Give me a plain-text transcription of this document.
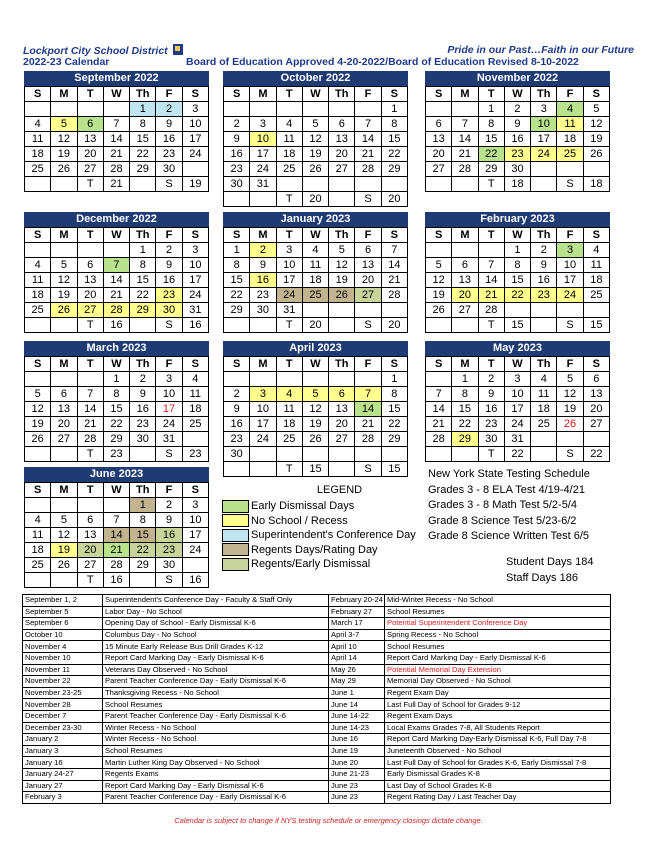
Lockport City School District	Pride in our Past…Faith in our Future
2022-23 Calendar	Board of Education Approved 4-20-2022/Board of Education Revised 8-10-2022
September 2022
S	M	T	W	Th	F	S
				1	2	3
4	5	6	7	8	9	10
11	12	13	14	15	16	17
18	19	20	21	22	23	24
25	26	27	28	29	30	
		T	21		S	19
October 2022
S	M	T	W	Th	F	S
						1
2	3	4	5	6	7	8
9	10	11	12	13	14	15
16	17	18	19	20	21	22
23	24	25	26	27	28	29
30	31					
		T	20		S	20
November 2022
S	M	T	W	Th	F	S
		1	2	3	4	5
6	7	8	9	10	11	12
13	14	15	16	17	18	19
20	21	22	23	24	25	26
27	28	29	30			
		T	18		S	18
December 2022
S	M	T	W	Th	F	S
				1	2	3
4	5	6	7	8	9	10
11	12	13	14	15	16	17
18	19	20	21	22	23	24
25	26	27	28	29	30	31
		T	16		S	16
January 2023
S	M	T	W	Th	F	S
1	2	3	4	5	6	7
8	9	10	11	12	13	14
15	16	17	18	19	20	21
22	23	24	25	26	27	28
29	30	31				
		T	20		S	20
February 2023
S	M	T	W	Th	F	S
			1	2	3	4
5	6	7	8	9	10	11
12	13	14	15	16	17	18
19	20	21	22	23	24	25
26	27	28				
		T	15		S	15
March 2023
S	M	T	W	Th	F	S
			1	2	3	4
5	6	7	8	9	10	11
12	13	14	15	16	17	18
19	20	21	22	23	24	25
26	27	28	29	30	31	
		T	23		S	23
April 2023
S	M	T	W	Th	F	S
						1
2	3	4	5	6	7	8
9	10	11	12	13	14	15
16	17	18	19	20	21	22
23	24	25	26	27	28	29
30						
		T	15		S	15
May 2023
S	M	T	W	Th	F	S
	1	2	3	4	5	6
7	8	9	10	11	12	13
14	15	16	17	18	19	20
21	22	23	24	25	26	27
28	29	30	31			
		T	22		S	22
June 2023
S	M	T	W	Th	F	S
				1	2	3
4	5	6	7	8	9	10
11	12	13	14	15	16	17
18	19	20	21	22	23	24
25	26	27	28	29	30	
		T	16		S	16
LEGEND
Early Dismissal Days
No School / Recess
Superintendent's Conference Day
Regents Days/Rating Day
Regents/Early Dismissal
New York State Testing Schedule
Grades 3 - 8 ELA Test 4/19-4/21
Grades 3 - 8 Math Test 5/2-5/4
Grade 8 Science Test 5/23-6/2
Grade 8 Science Written Test 6/5
Student Days 184
Staff Days 186
September 1, 2	Superintendent's Conference Day - Faculty & Staff Only	February 20-24	Mid-Winter Recess - No School
September 5	Labor Day - No School	February 27	School Resumes
September 6	Opening Day of School - Early Dismissal K-6	March 17	Potential Superintendent Conference Day
October 10	Columbus Day - No School	April 3-7	Spring Recess - No School
November 4	15 Minute Early Release Bus Drill Grades K-12	April 10	School Resumes
November 10	Report Card Marking Day - Early Dismissal K-6	April 14	Report Card Marking Day - Early Dismissal K-6
November 11	Veterans Day Observed - No School	May 26	Potential Memorial Day Extension
November 22	Parent Teacher Conference Day - Early Dismissal K-6	May 29	Memorial Day Observed - No School
November 23-25	Thanksgiving Recess - No School	June 1	Regent Exam Day
November 28	School Resumes	June 14	Last Full Day of School for Grades 9-12
December 7	Parent Teacher Conference Day - Early Dismissal K-6	June 14-22	Regent Exam Days
December 23-30	Winter Recess - No School	June 14-23	Local Exams Grades 7-8, All Students Report
January 2	Winter Recess - No School	June 16	Report Card Marking Day-Early Dismissal K-6, Full Day 7-8
January 3	School Resumes	June 19	Juneteenth Observed - No School
January 16	Martin Luther King Day Observed - No School	June 20	Last Full Day of School for Grades K-6, Early Dismissal 7-8
January 24-27	Regents Exams	June 21-23	Early Dismissal Grades K-8
January 27	Report Card Marking Day - Early Dismissal K-6	June 23	Last Day of School Grades K-8
February 3	Parent Teacher Conference Day - Early Dismissal K-6	June 23	Regent Rating Day / Last Teacher Day
Calendar is subject to change if NYS testing schedule or emergency closings dictate change.
